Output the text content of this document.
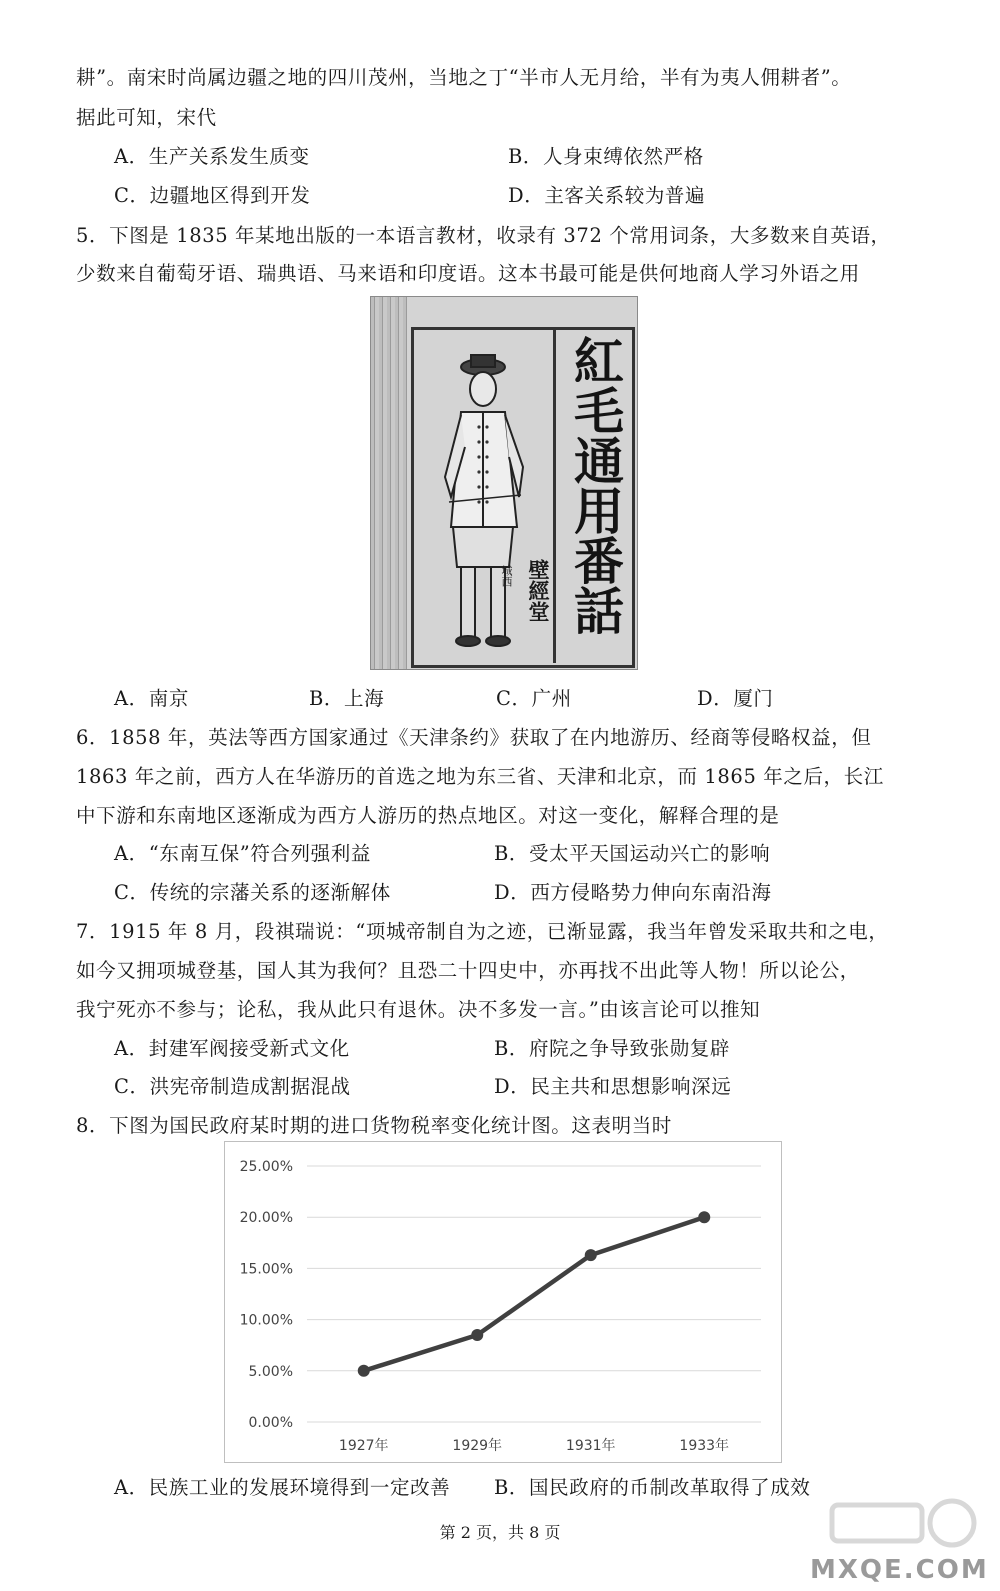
耕”。南宋时尚属边疆之地的四川茂州，当地之丁“半市人无月给，半有为夷人佣耕者”。
据此可知，宋代
A．生产关系发生质变	B．人身束缚依然严格
C．边疆地区得到开发	D．主客关系较为普遍
5．下图是 1835 年某地出版的一本语言教材，收录有 372 个常用词条，大多数来自英语，
少数来自葡萄牙语、瑞典语、马来语和印度语。这本书最可能是供何地商人学习外语之用
紅毛通用番話
壁經堂
城西
A．南京	B．上海	C．广州	D．厦门
6．1858 年，英法等西方国家通过《天津条约》获取了在内地游历、经商等侵略权益，但
1863 年之前，西方人在华游历的首选之地为东三省、天津和北京，而 1865 年之后，长江
中下游和东南地区逐渐成为西方人游历的热点地区。对这一变化，解释合理的是
A．“东南互保”符合列强利益	B．受太平天国运动兴亡的影响
C．传统的宗藩关系的逐渐解体	D．西方侵略势力伸向东南沿海
7．1915 年 8 月，段祺瑞说：“项城帝制自为之迹，已渐显露，我当年曾发采取共和之电，
如今又拥项城登基，国人其为我何？且恐二十四史中，亦再找不出此等人物！所以论公，
我宁死亦不参与；论私，我从此只有退休。决不多发一言。”由该言论可以推知
A．封建军阀接受新式文化	B．府院之争导致张勋复辟
C．洪宪帝制造成割据混战	D．民主共和思想影响深远
8．下图为国民政府某时期的进口货物税率变化统计图。这表明当时
0.00%
5.00%
10.00%
15.00%
20.00%
25.00%
1927年	1929年	1931年	1933年
A．民族工业的发展环境得到一定改善 B．国民政府的币制改革取得了成效
第 2 页，共 8 页
MXQE.COM
